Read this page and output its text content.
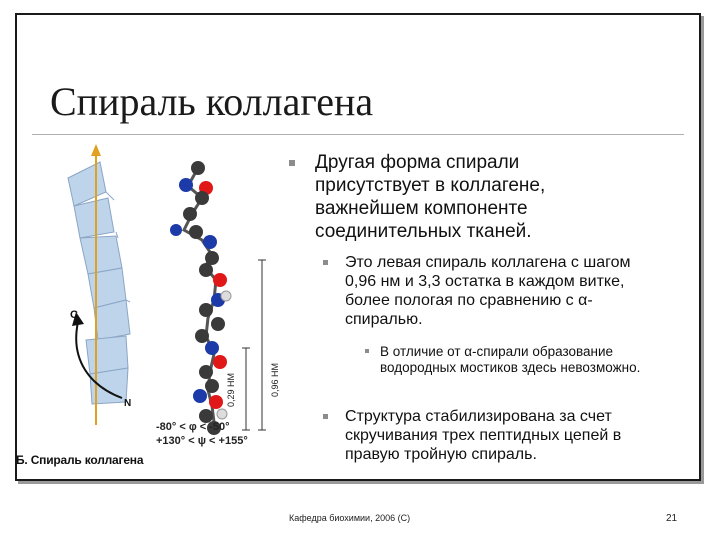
Спираль коллагена
0,29 HM	0,96 HM
C
N
-80° < φ < -50°
+130° < ψ < +155°
Б. Спираль коллагена
Другая форма спирали присутствует в коллагене, важнейшем компоненте соединительных тканей.
Это левая спираль коллагена с шагом 0,96 нм и 3,3 остатка в каждом витке, более пологая по сравнению с α-спиралью.
В отличие от α-спирали образование водородных мостиков здесь невозможно.
Структура стабилизирована за счет скручивания трех пептидных цепей в правую тройную спираль.
Кафедра биохимии, 2006 (С)	21
